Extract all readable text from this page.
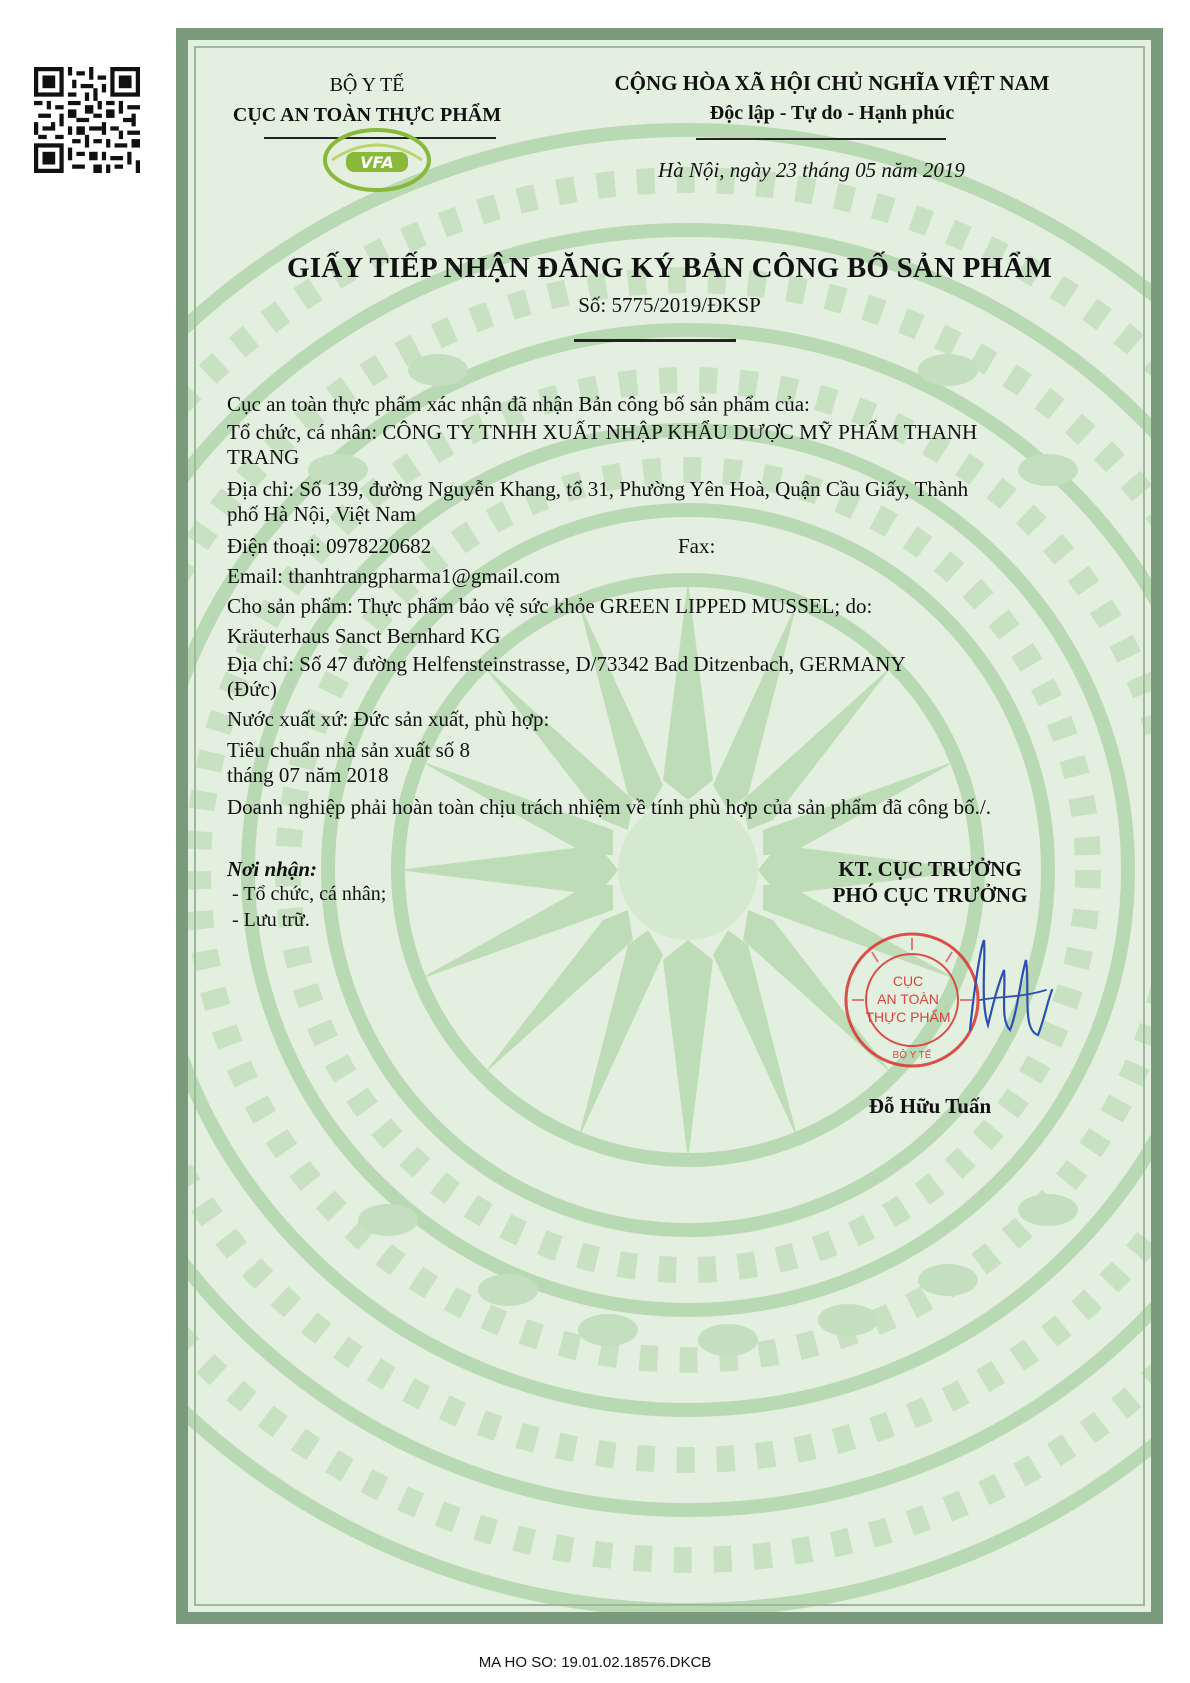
BỘ Y TẾ
CỤC AN TOÀN THỰC PHẨM
VFA
CỘNG HÒA XÃ HỘI CHỦ NGHĨA VIỆT NAM
Độc lập - Tự do - Hạnh phúc
Hà Nội, ngày 23 tháng 05 năm 2019
GIẤY TIẾP NHẬN ĐĂNG KÝ BẢN CÔNG BỐ SẢN PHẨM
Số: 5775/2019/ĐKSP
Cục an toàn thực phẩm xác nhận đã nhận Bản công bố sản phẩm của:
Tổ chức, cá nhân: CÔNG TY TNHH XUẤT NHẬP KHẨU DƯỢC MỸ PHẨM THANH
TRANG
Địa chỉ: Số 139, đường Nguyễn Khang, tổ 31, Phường Yên Hoà, Quận Cầu Giấy, Thành
phố Hà Nội, Việt Nam
Điện thoại: 0978220682	Fax:
Email: thanhtrangpharma1@gmail.com
Cho sản phẩm: Thực phẩm bảo vệ sức khỏe GREEN LIPPED MUSSEL; do:
Kräuterhaus Sanct Bernhard KG
Địa chỉ: Số 47 đường Helfensteinstrasse, D/73342 Bad Ditzenbach, GERMANY
(Đức)
Nước xuất xứ: Đức sản xuất, phù hợp:
Tiêu chuẩn nhà sản xuất số 8
tháng 07 năm 2018
Doanh nghiệp phải hoàn toàn chịu trách nhiệm về tính phù hợp của sản phẩm đã công bố./.
Nơi nhận:
- Tổ chức, cá nhân;
- Lưu trữ.
KT. CỤC TRƯỞNG
PHÓ CỤC TRƯỞNG
CỤC
AN TOÀN
THỰC PHẨM
BỘ Y TẾ
Đỗ Hữu Tuấn
MA HO SO: 19.01.02.18576.DKCB
